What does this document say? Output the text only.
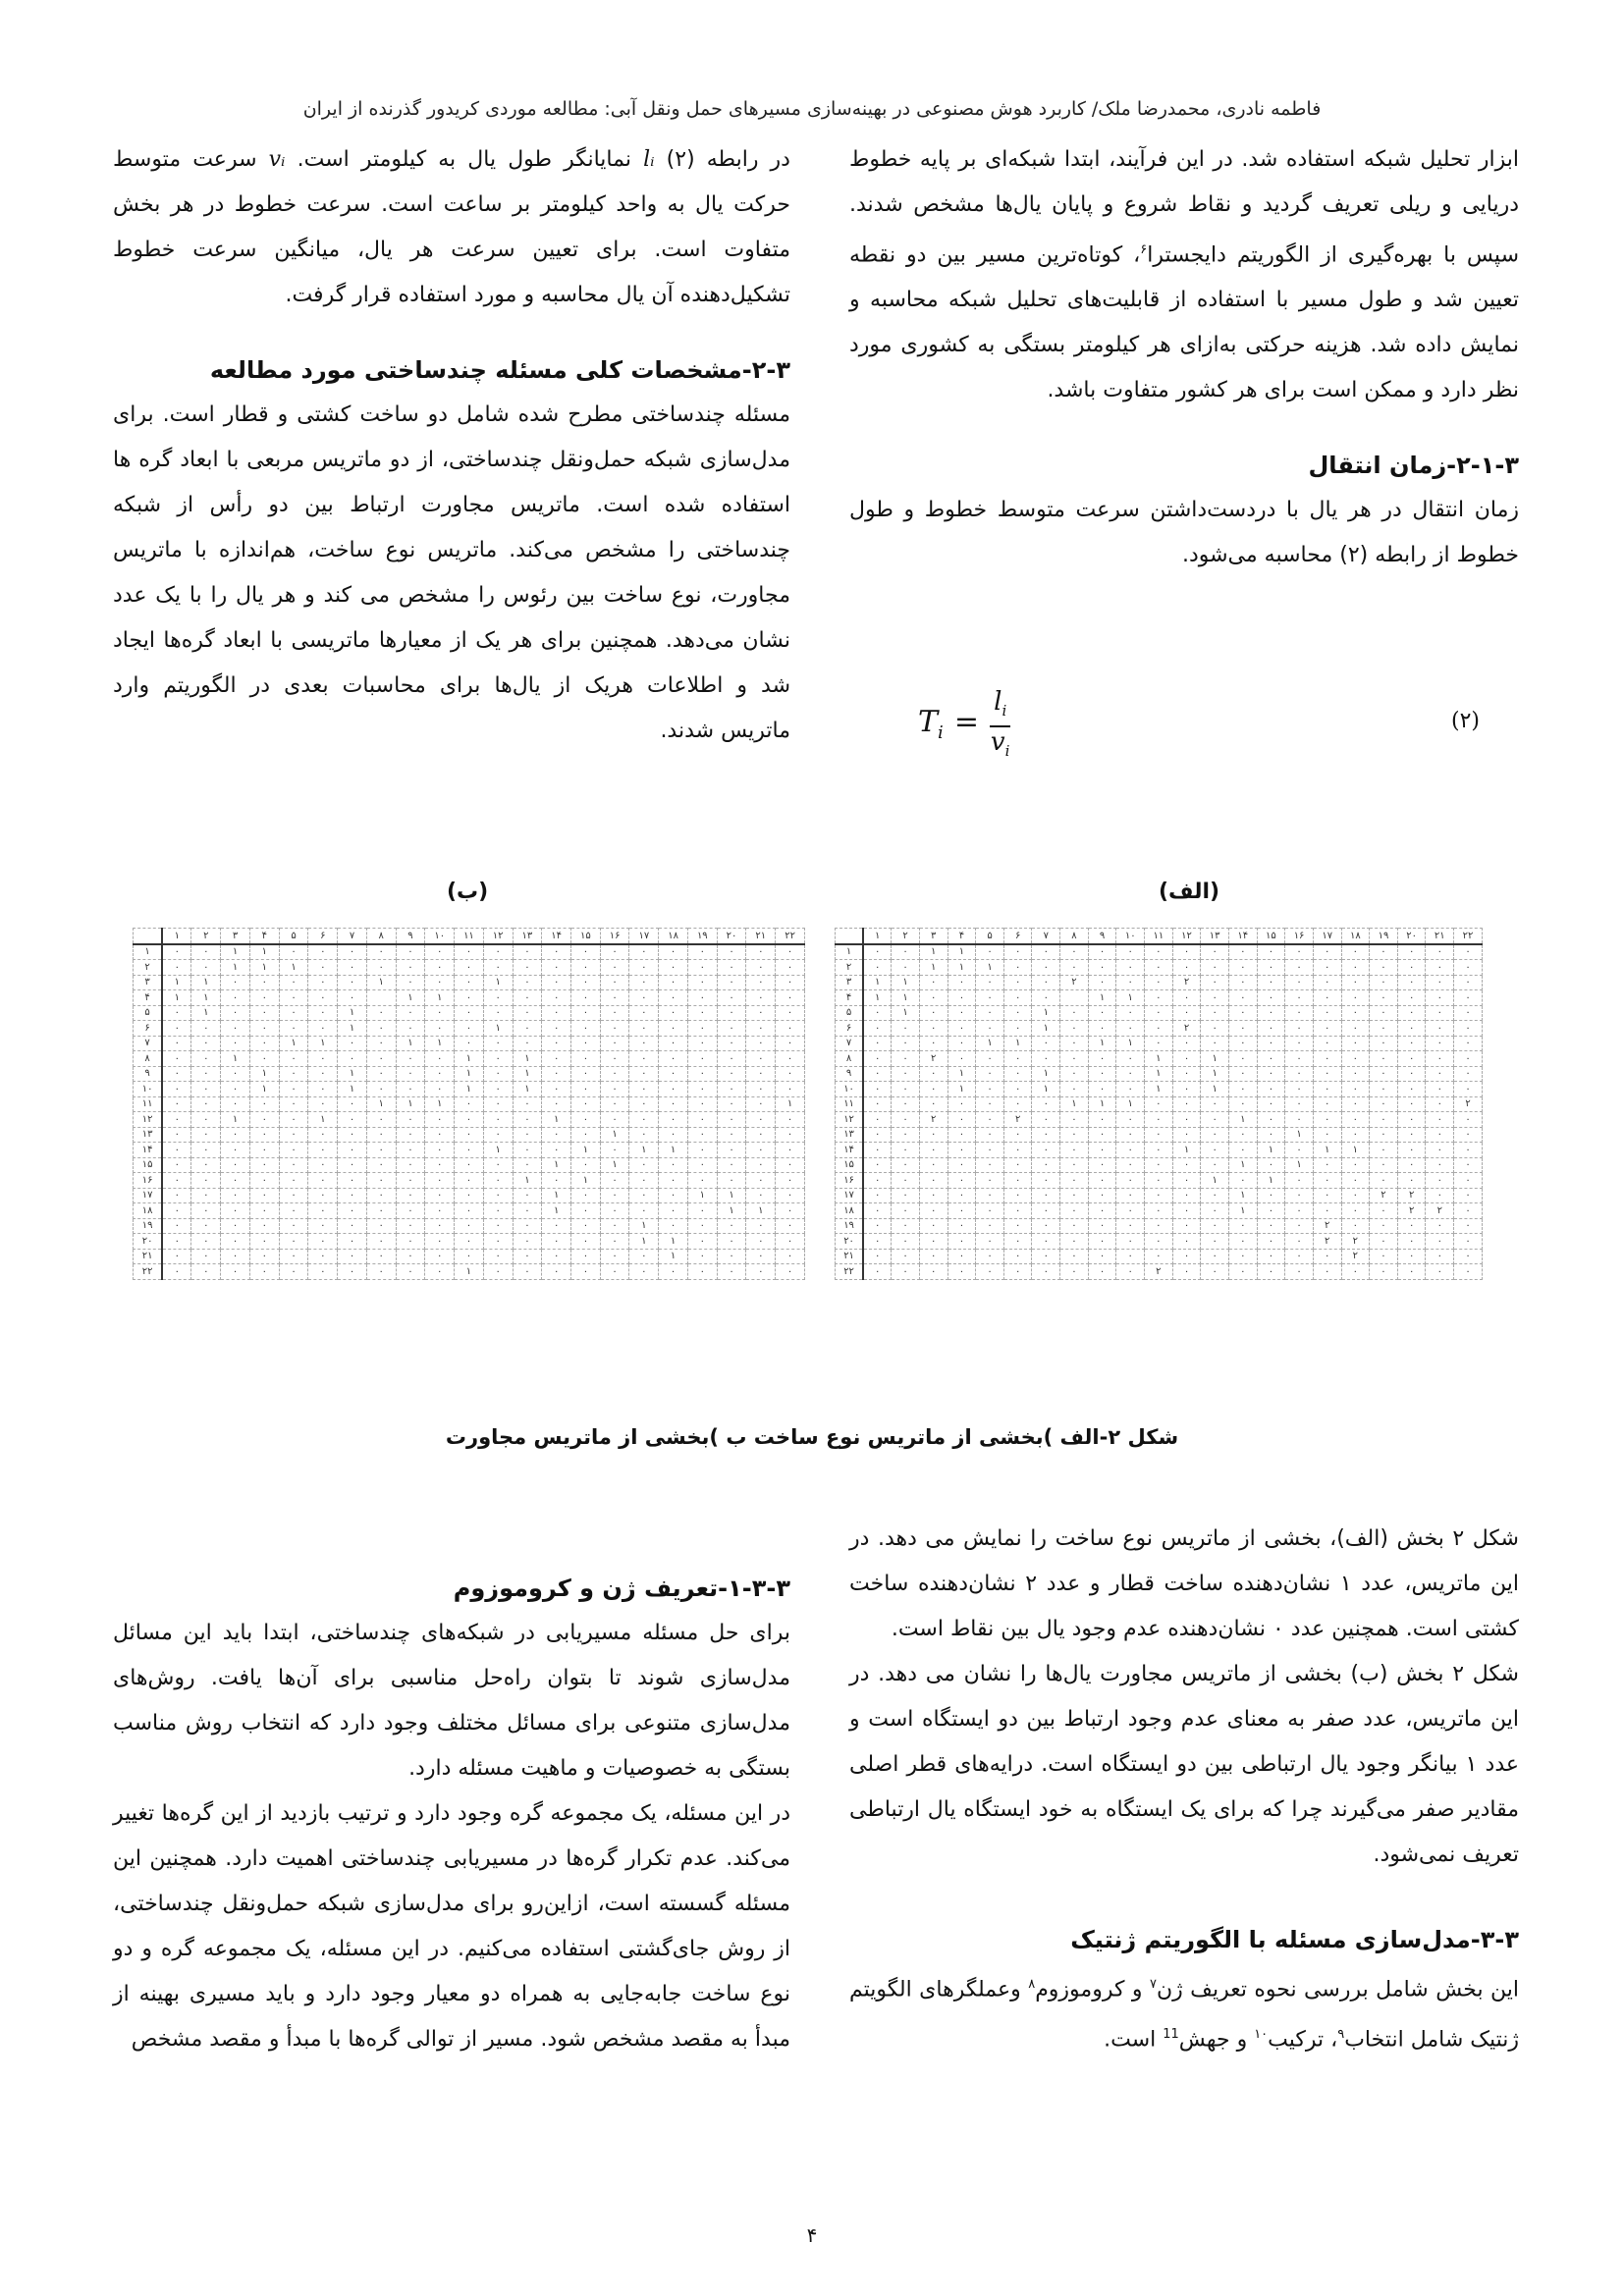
فاطمه نادری، محمدرضا ملک/ کاربرد هوش مصنوعی در بهینه‌سازی مسیرهای حمل ونقل آبی: مطالعه موردی کریدور گذرنده از ایران

ابزار تحلیل شبکه استفاده شد. در این فرآیند، ابتدا شبکه‌ای بر پایه خطوط دریایی و ریلی تعریف گردید و نقاط شروع و پایان یال‌ها مشخص شدند. سپس با بهره‌گیری از الگوریتم دایجسترا$^۶$، کوتاه‌ترین مسیر بین دو نقطه تعیین شد و طول مسیر با استفاده از قابلیت‌های تحلیل شبکه محاسبه و نمایش داده شد. هزینه حرکتی به‌ازای هر کیلومتر بستگی به کشوری مورد نظر دارد و ممکن است برای هر کشور متفاوت باشد.

۲-۱-۳-زمان انتقال

زمان انتقال در هر یال با دردست‌داشتن سرعت متوسط خطوط و طول خطوط از رابطه (۲) محاسبه می‌شود.

$T_i = \frac{l_i}{v_i}$	(۲)

در رابطه (۲) lᵢ نمایانگر طول یال به کیلومتر است. vᵢ سرعت متوسط حرکت یال به واحد کیلومتر بر ساعت است. سرعت خطوط در هر بخش متفاوت است. برای تعیین سرعت هر یال، میانگین سرعت خطوط تشکیل‌دهنده آن یال محاسبه و مورد استفاده قرار گرفت.

۲-۳-مشخصات کلی مسئله چندساختی مورد مطالعه

مسئله چندساختی مطرح شده شامل دو ساخت کشتی و قطار است. برای مدل‌سازی شبکه حمل‌ونقل چندساختی، از دو ماتریس مربعی با ابعاد گره ها استفاده شده است. ماتریس مجاورت ارتباط بین دو رأس از شبکه چندساختی را مشخص می‌کند. ماتریس نوع ساخت، هم‌اندازه با ماتریس مجاورت، نوع ساخت بین رئوس را مشخص می کند و هر یال را با یک عدد نشان می‌دهد. همچنین برای هر یک از معیارها ماتریسی با ابعاد گره‌ها ایجاد شد و اطلاعات هریک از یال‌ها برای محاسبات بعدی در الگوریتم وارد ماتریس شدند.

(الف)
(ب)
	۱	۲	۳	۴	۵	۶	۷	۸	۹	۱۰	۱۱	۱۲	۱۳	۱۴	۱۵	۱۶	۱۷	۱۸	۱۹	۲۰	۲۱	۲۲
۱	۰	۰	۱	۱	۰	۰	۰	۰	۰	۰	۰	۰	۰	۰	۰	۰	۰	۰	۰	۰	۰	۰
۲	۰	۰	۱	۱	۱	۰	۰	۰	۰	۰	۰	۰	۰	۰	۰	۰	۰	۰	۰	۰	۰	۰
۳	۱	۱	۰	۰	۰	۰	۰	۲	۰	۰	۰	۲	۰	۰	۰	۰	۰	۰	۰	۰	۰	۰
۴	۱	۱	۰	۰	۰	۰	۰		۱	۱	۰	۰	۰	۰	۰	۰	۰	۰	۰	۰	۰	۰
۵	۰	۱	۰	۰	۰	۰	۱	۰	۰	۰	۰	۰	۰	۰	۰	۰	۰	۰	۰	۰	۰	۰
۶	۰	۰	۰	۰	۰	۰	۱	۰	۰	۰	۰	۲	۰	۰	۰	۰	۰	۰	۰	۰	۰	۰
۷	۰	۰	۰	۰	۱	۱	۰	۰	۱	۱	۰	۰	۰	۰	۰	۰	۰	۰	۰	۰	۰	۰
۸	۰	۰	۲	۰	۰	۰	۰	۰	۰	۰	۱	۰	۱	۰	۰	۰	۰	۰	۰	۰	۰	۰
۹	۰	۰	۰	۱	۰	۰	۱	۰	۰	۰	۱	۰	۱	۰	۰	۰	۰	۰	۰	۰	۰	۰
۱۰	۰	۰	۰	۱	۰	۰	۱	۰	۰	۰	۱	۰	۱	۰	۰	۰	۰	۰	۰	۰	۰	۰
۱۱	۰	۰	۰	۰	۰	۰	۰	۱	۱	۱	۰	۰	۰	۰	۰	۰	۰	۰	۰	۰	۰	۲
۱۲	۰	۰	۲	۰	۰	۲	۰	۰	۰	۰	۰	۰	۰	۱	۰	۰	۰	۰	۰	۰	۰	۰
۱۳	۰	۰	۰	۰	۰	۰	۰	۰	۰	۰	۰	۰	۰	۰	۰	۱	۰	۰	۰	۰	۰	۰
۱۴	۰	۰	۰	۰	۰	۰	۰	۰	۰	۰	۰	۱	۰	۰	۱	۰	۱	۱	۰	۰	۰	۰
۱۵	۰	۰	۰	۰	۰	۰	۰	۰	۰	۰	۰	۰	۰	۱	۰	۱	۰	۰	۰	۰	۰	۰
۱۶	۰	۰	۰	۰	۰	۰	۰	۰	۰	۰	۰	۰	۱	۰	۱	۰	۰	۰	۰	۰	۰	۰
۱۷	۰	۰	۰	۰	۰	۰	۰	۰	۰	۰	۰	۰	۰	۱	۰	۰	۰	۰	۲	۲	۰	۰
۱۸	۰	۰	۰	۰	۰	۰	۰	۰	۰	۰	۰	۰	۰	۱	۰	۰	۰	۰	۰	۲	۲	۰
۱۹	۰	۰	۰	۰	۰	۰	۰	۰	۰	۰	۰	۰	۰	۰	۰	۰	۲	۰	۰	۰	۰	۰
۲۰	۰	۰	۰	۰	۰	۰	۰	۰	۰	۰	۰	۰	۰	۰	۰	۰	۲	۲	۰	۰	۰	۰
۲۱	۰	۰	۰	۰	۰	۰	۰	۰	۰	۰	۰	۰	۰	۰	۰	۰	۰	۲	۰	۰	۰	۰
۲۲	۰	۰	۰	۰	۰	۰	۰	۰	۰	۰	۲	۰	۰	۰	۰	۰	۰	۰	۰	۰	۰	۰
	۱	۲	۳	۴	۵	۶	۷	۸	۹	۱۰	۱۱	۱۲	۱۳	۱۴	۱۵	۱۶	۱۷	۱۸	۱۹	۲۰	۲۱	۲۲
۱	۰	۰	۱	۱	۰	۰	۰	۰	۰	۰	۰	۰	۰	۰	۰	۰	۰	۰	۰	۰	۰	۰
۲	۰	۰	۱	۱	۱	۰	۰	۰	۰	۰	۰	۰	۰	۰	۰	۰	۰	۰	۰	۰	۰	۰
۳	۱	۱	۰	۰	۰	۰	۰	۱	۰	۰	۰	۱	۰	۰	۰	۰	۰	۰	۰	۰	۰	۰
۴	۱	۱	۰	۰	۰	۰	۰		۱	۱	۰	۰	۰	۰	۰	۰	۰	۰	۰	۰	۰	۰
۵	۰	۱	۰	۰	۰	۰	۱	۰	۰	۰	۰	۰	۰	۰	۰	۰	۰	۰	۰	۰	۰	۰
۶	۰	۰	۰	۰	۰	۰	۱	۰	۰	۰	۰	۱	۰	۰	۰	۰	۰	۰	۰	۰	۰	۰
۷	۰	۰	۰	۰	۱	۱	۰	۰	۱	۱	۰	۰	۰	۰	۰	۰	۰	۰	۰	۰	۰	۰
۸	۰	۰	۱	۰	۰	۰	۰	۰	۰	۰	۱	۰	۱	۰	۰	۰	۰	۰	۰	۰	۰	۰
۹	۰	۰	۰	۱	۰	۰	۱	۰	۰	۰	۱	۰	۱	۰	۰	۰	۰	۰	۰	۰	۰	۰
۱۰	۰	۰	۰	۱	۰	۰	۱	۰	۰	۰	۱	۰	۱	۰	۰	۰	۰	۰	۰	۰	۰	۰
۱۱	۰	۰	۰	۰	۰	۰	۰	۱	۱	۱	۰	۰	۰	۰	۰	۰	۰	۰	۰	۰	۰	۱
۱۲	۰	۰	۱	۰	۰	۱	۰	۰	۰	۰	۰	۰	۰	۱	۰	۰	۰	۰	۰	۰	۰	۰
۱۳	۰	۰	۰	۰	۰	۰	۰	۰	۰	۰	۰	۰	۰	۰	۰	۱	۰	۰	۰	۰	۰	۰
۱۴	۰	۰	۰	۰	۰	۰	۰	۰	۰	۰	۰	۱	۰	۰	۱	۰	۱	۱	۰	۰	۰	۰
۱۵	۰	۰	۰	۰	۰	۰	۰	۰	۰	۰	۰	۰	۰	۱	۰	۱	۰	۰	۰	۰	۰	۰
۱۶	۰	۰	۰	۰	۰	۰	۰	۰	۰	۰	۰	۰	۱	۰	۱	۰	۰	۰	۰	۰	۰	۰
۱۷	۰	۰	۰	۰	۰	۰	۰	۰	۰	۰	۰	۰	۰	۱	۰	۰	۰	۰	۱	۱	۰	۰
۱۸	۰	۰	۰	۰	۰	۰	۰	۰	۰	۰	۰	۰	۰	۱	۰	۰	۰	۰	۰	۱	۱	۰
۱۹	۰	۰	۰	۰	۰	۰	۰	۰	۰	۰	۰	۰	۰	۰	۰	۰	۱	۰	۰	۰	۰	۰
۲۰	۰	۰	۰	۰	۰	۰	۰	۰	۰	۰	۰	۰	۰	۰	۰	۰	۱	۱	۰	۰	۰	۰
۲۱	۰	۰	۰	۰	۰	۰	۰	۰	۰	۰	۰	۰	۰	۰	۰	۰	۰	۱	۰	۰	۰	۰
۲۲	۰	۰	۰	۰	۰	۰	۰	۰	۰	۰	۱	۰	۰	۰	۰	۰	۰	۰	۰	۰	۰	۰
شکل ۲-الف )بخشی از ماتریس نوع ساخت ب )بخشی از ماتریس مجاورت

شکل ۲ بخش (الف)، بخشی از ماتریس نوع ساخت را نمایش می دهد. در این ماتریس، عدد ۱ نشان‌دهنده ساخت قطار و عدد ۲ نشان‌دهنده ساخت کشتی است. همچنین عدد ۰ نشان‌دهنده عدم وجود یال بین نقاط است.

شکل ۲ بخش (ب) بخشی از ماتریس مجاورت یال‌ها را نشان می دهد. در این ماتریس، عدد صفر به معنای عدم وجود ارتباط بین دو ایستگاه است و عدد ۱ بیانگر وجود یال ارتباطی بین دو ایستگاه است. درایه‌های قطر اصلی مقادیر صفر می‌گیرند چرا که برای یک ایستگاه به خود ایستگاه یال ارتباطی تعریف نمی‌شود.

۳-۳-مدل‌سازی مسئله با الگوریتم ژنتیک

این بخش شامل بررسی نحوه تعریف ژن$^۷$ و کروموزوم$^۸$ وعملگرهای الگویتم ژنتیک شامل انتخاب$^۹$، ترکیب$^{۱۰}$ و جهش$^{11}$ است.

۱-۳-۳-تعریف ژن و کروموزوم

برای حل مسئله مسیریابی در شبکه‌های چندساختی، ابتدا باید این مسائل مدل‌سازی شوند تا بتوان راه‌حل مناسبی برای آن‌ها یافت. روش‌های مدل‌سازی متنوعی برای مسائل مختلف وجود دارد که انتخاب روش مناسب بستگی به خصوصیات و ماهیت مسئله دارد.

در این مسئله، یک مجموعه گره وجود دارد و ترتیب بازدید از این گره‌ها تغییر می‌کند. عدم تکرار گره‌ها در مسیریابی چندساختی اهمیت دارد. همچنین این مسئله گسسته است، ازاین‌رو برای مدل‌سازی شبکه حمل‌ونقل چندساختی، از روش جای‌گشتی استفاده می‌کنیم. در این مسئله، یک مجموعه گره و دو نوع ساخت جابه‌جایی به همراه دو معیار وجود دارد و باید مسیری بهینه از مبدأ به مقصد مشخص شود. مسیر از توالی گره‌ها با مبدأ و مقصد مشخص

۴
